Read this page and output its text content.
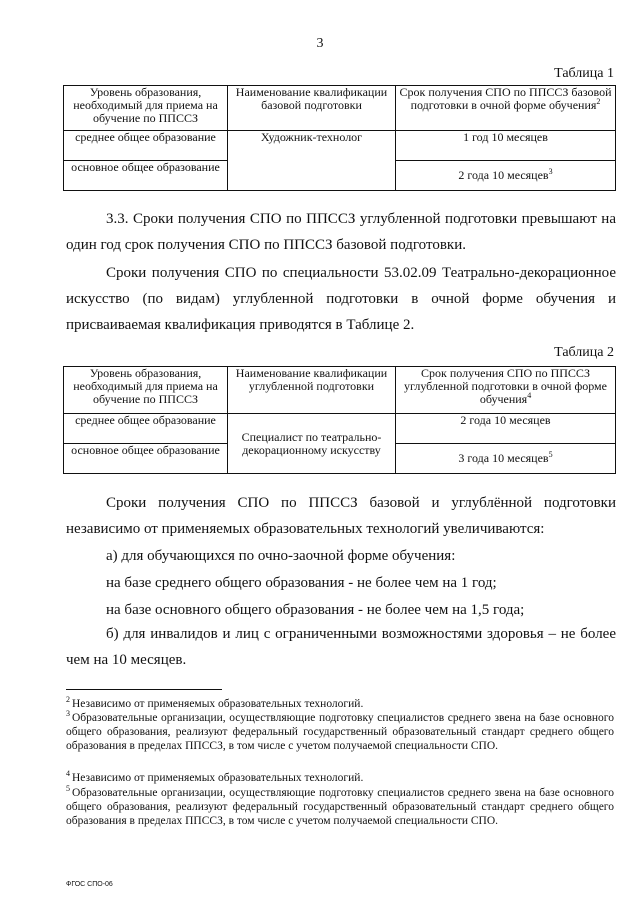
3
Таблица 1
Уровень образования, необходимый для приема на обучение по ППССЗ	Наименование квалификации базовой подготовки	Срок получения СПО по ППССЗ базовой подготовки в очной форме обучения$^2$
среднее общее образование	Художник-технолог	1 год 10 месяцев
основное общее образование		2 года 10 месяцев$^3$
3.3. Сроки получения СПО по ППССЗ углубленной подготовки превышают на один год срок получения СПО по ППССЗ базовой подготовки.
Сроки получения СПО по специальности 53.02.09 Театрально-декорационное искусство (по видам) углубленной подготовки в очной форме обучения и присваиваемая квалификация приводятся в Таблице 2.
Таблица 2
Уровень образования, необходимый для приема на обучение по ППССЗ	Наименование квалификации углубленной подготовки	Срок получения СПО по ППССЗ углубленной подготовки в очной форме обучения$^4$
среднее общее образование	Специалист по театрально-декорационному искусству	2 года 10 месяцев
основное общее образование		3 года 10 месяцев$^5$
Сроки получения СПО по ППССЗ базовой и углублённой подготовки независимо от применяемых образовательных технологий увеличиваются:
а) для обучающихся по очно-заочной форме обучения:
на базе среднего общего образования - не более чем на 1 год;
на базе основного общего образования - не более чем на 1,5 года;
б) для инвалидов и лиц с ограниченными возможностями здоровья – не более чем на 10 месяцев.
$^2$ Независимо от применяемых образовательных технологий.
$^3$ Образовательные организации, осуществляющие подготовку специалистов среднего звена на базе основного общего образования, реализуют федеральный государственный образовательный стандарт среднего общего образования в пределах ППССЗ, в том числе с учетом получаемой специальности СПО.
$^4$ Независимо от применяемых образовательных технологий.
$^5$ Образовательные организации, осуществляющие подготовку специалистов среднего звена на базе основного общего образования, реализуют федеральный государственный образовательный стандарт среднего общего образования в пределах ППССЗ, в том числе с учетом получаемой специальности СПО.
ФГОС СПО-06
